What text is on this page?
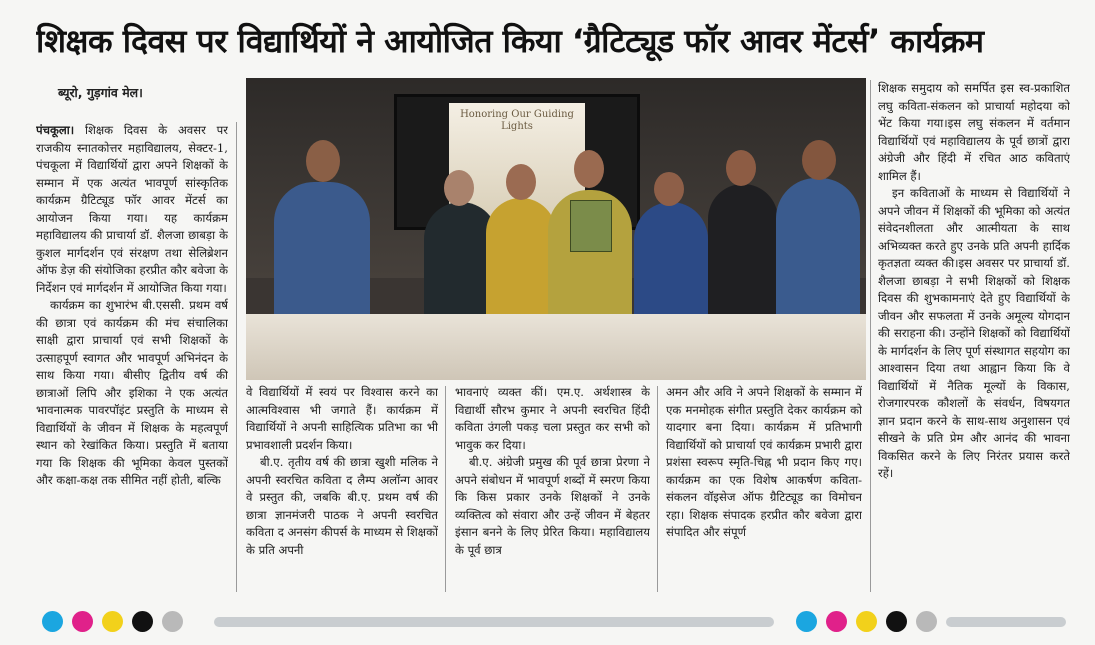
शिक्षक दिवस पर विद्यार्थियों ने आयोजित किया ‘ग्रैटिट्यूड फॉर आवर मेंटर्स’ कार्यक्रम
ब्यूरो, गुड़गांव मेल।

पंचकूला। शिक्षक दिवस के अवसर पर राजकीय स्नातकोत्तर महाविद्यालय, सेक्टर-1, पंचकूला में विद्यार्थियों द्वारा अपने शिक्षकों के सम्मान में एक अत्यंत भावपूर्ण सांस्कृतिक कार्यक्रम ग्रैटिट्यूड फॉर आवर मेंटर्स का आयोजन किया गया। यह कार्यक्रम महाविद्यालय की प्राचार्या डॉ. शैलजा छाबड़ा के कुशल मार्गदर्शन एवं संरक्षण तथा सेलिब्रेशन ऑफ डेज़ की संयोजिका हरप्रीत कौर बवेजा के निर्देशन एवं मार्गदर्शन में आयोजित किया गया।

कार्यक्रम का शुभारंभ बी.एससी. प्रथम वर्ष की छात्रा एवं कार्यक्रम की मंच संचालिका साक्षी द्वारा प्राचार्या एवं सभी शिक्षकों के उत्साहपूर्ण स्वागत और भावपूर्ण अभिनंदन के साथ किया गया। बीसीए द्वितीय वर्ष की छात्राओं लिपि और इशिका ने एक अत्यंत भावनात्मक पावरपॉइंट प्रस्तुति के माध्यम से विद्यार्थियों के जीवन में शिक्षक के महत्वपूर्ण स्थान को रेखांकित किया। प्रस्तुति में बताया गया कि शिक्षक की भूमिका केवल पुस्तकों और कक्षा-कक्ष तक सीमित नहीं होती, बल्कि

Honoring Our Guiding Lights

वे विद्यार्थियों में स्वयं पर विश्वास करने का आत्मविश्वास भी जगाते हैं। कार्यक्रम में विद्यार्थियों ने अपनी साहित्यिक प्रतिभा का भी प्रभावशाली प्रदर्शन किया।

बी.ए. तृतीय वर्ष की छात्रा खुशी मलिक ने अपनी स्वरचित कविता द लैम्प अलॉन्ग आवर वे प्रस्तुत की, जबकि बी.ए. प्रथम वर्ष की छात्रा ज्ञानमंजरी पाठक ने अपनी स्वरचित कविता द अनसंग कीपर्स के माध्यम से शिक्षकों के प्रति अपनी

भावनाएं व्यक्त कीं। एम.ए. अर्थशास्त्र के विद्यार्थी सौरभ कुमार ने अपनी स्वरचित हिंदी कविता उंगली पकड़ चला प्रस्तुत कर सभी को भावुक कर दिया।

बी.ए. अंग्रेजी प्रमुख की पूर्व छात्रा प्रेरणा ने अपने संबोधन में भावपूर्ण शब्दों में स्मरण किया कि किस प्रकार उनके शिक्षकों ने उनके व्यक्तित्व को संवारा और उन्हें जीवन में बेहतर इंसान बनने के लिए प्रेरित किया। महाविद्यालय के पूर्व छात्र

अमन और अवि ने अपने शिक्षकों के सम्मान में एक मनमोहक संगीत प्रस्तुति देकर कार्यक्रम को यादगार बना दिया। कार्यक्रम में प्रतिभागी विद्यार्थियों को प्राचार्या एवं कार्यक्रम प्रभारी द्वारा प्रशंसा स्वरूप स्मृति-चिह्न भी प्रदान किए गए।कार्यक्रम का एक विशेष आकर्षण कविता-संकलन वॉइसेज ऑफ ग्रैटिट्यूड का विमोचन रहा। शिक्षक संपादक हरप्रीत कौर बवेजा द्वारा संपादित और संपूर्ण

शिक्षक समुदाय को समर्पित इस स्व-प्रकाशित लघु कविता-संकलन को प्राचार्या महोदया को भेंट किया गया।इस लघु संकलन में वर्तमान विद्यार्थियों एवं महाविद्यालय के पूर्व छात्रों द्वारा अंग्रेजी और हिंदी में रचित आठ कविताएं शामिल हैं।

इन कविताओं के माध्यम से विद्यार्थियों ने अपने जीवन में शिक्षकों की भूमिका को अत्यंत संवेदनशीलता और आत्मीयता के साथ अभिव्यक्त करते हुए उनके प्रति अपनी हार्दिक कृतज्ञता व्यक्त की।इस अवसर पर प्राचार्या डॉ. शैलजा छाबड़ा ने सभी शिक्षकों को शिक्षक दिवस की शुभकामनाएं देते हुए विद्यार्थियों के जीवन और सफलता में उनके अमूल्य योगदान की सराहना की। उन्होंने शिक्षकों को विद्यार्थियों के मार्गदर्शन के लिए पूर्ण संस्थागत सहयोग का आश्वासन दिया तथा आह्वान किया कि वे विद्यार्थियों में नैतिक मूल्यों के विकास, रोजगारपरक कौशलों के संवर्धन, विषयगत ज्ञान प्रदान करने के साथ-साथ अनुशासन एवं सीखने के प्रति प्रेम और आनंद की भावना विकसित करने के लिए निरंतर प्रयास करते रहें।
